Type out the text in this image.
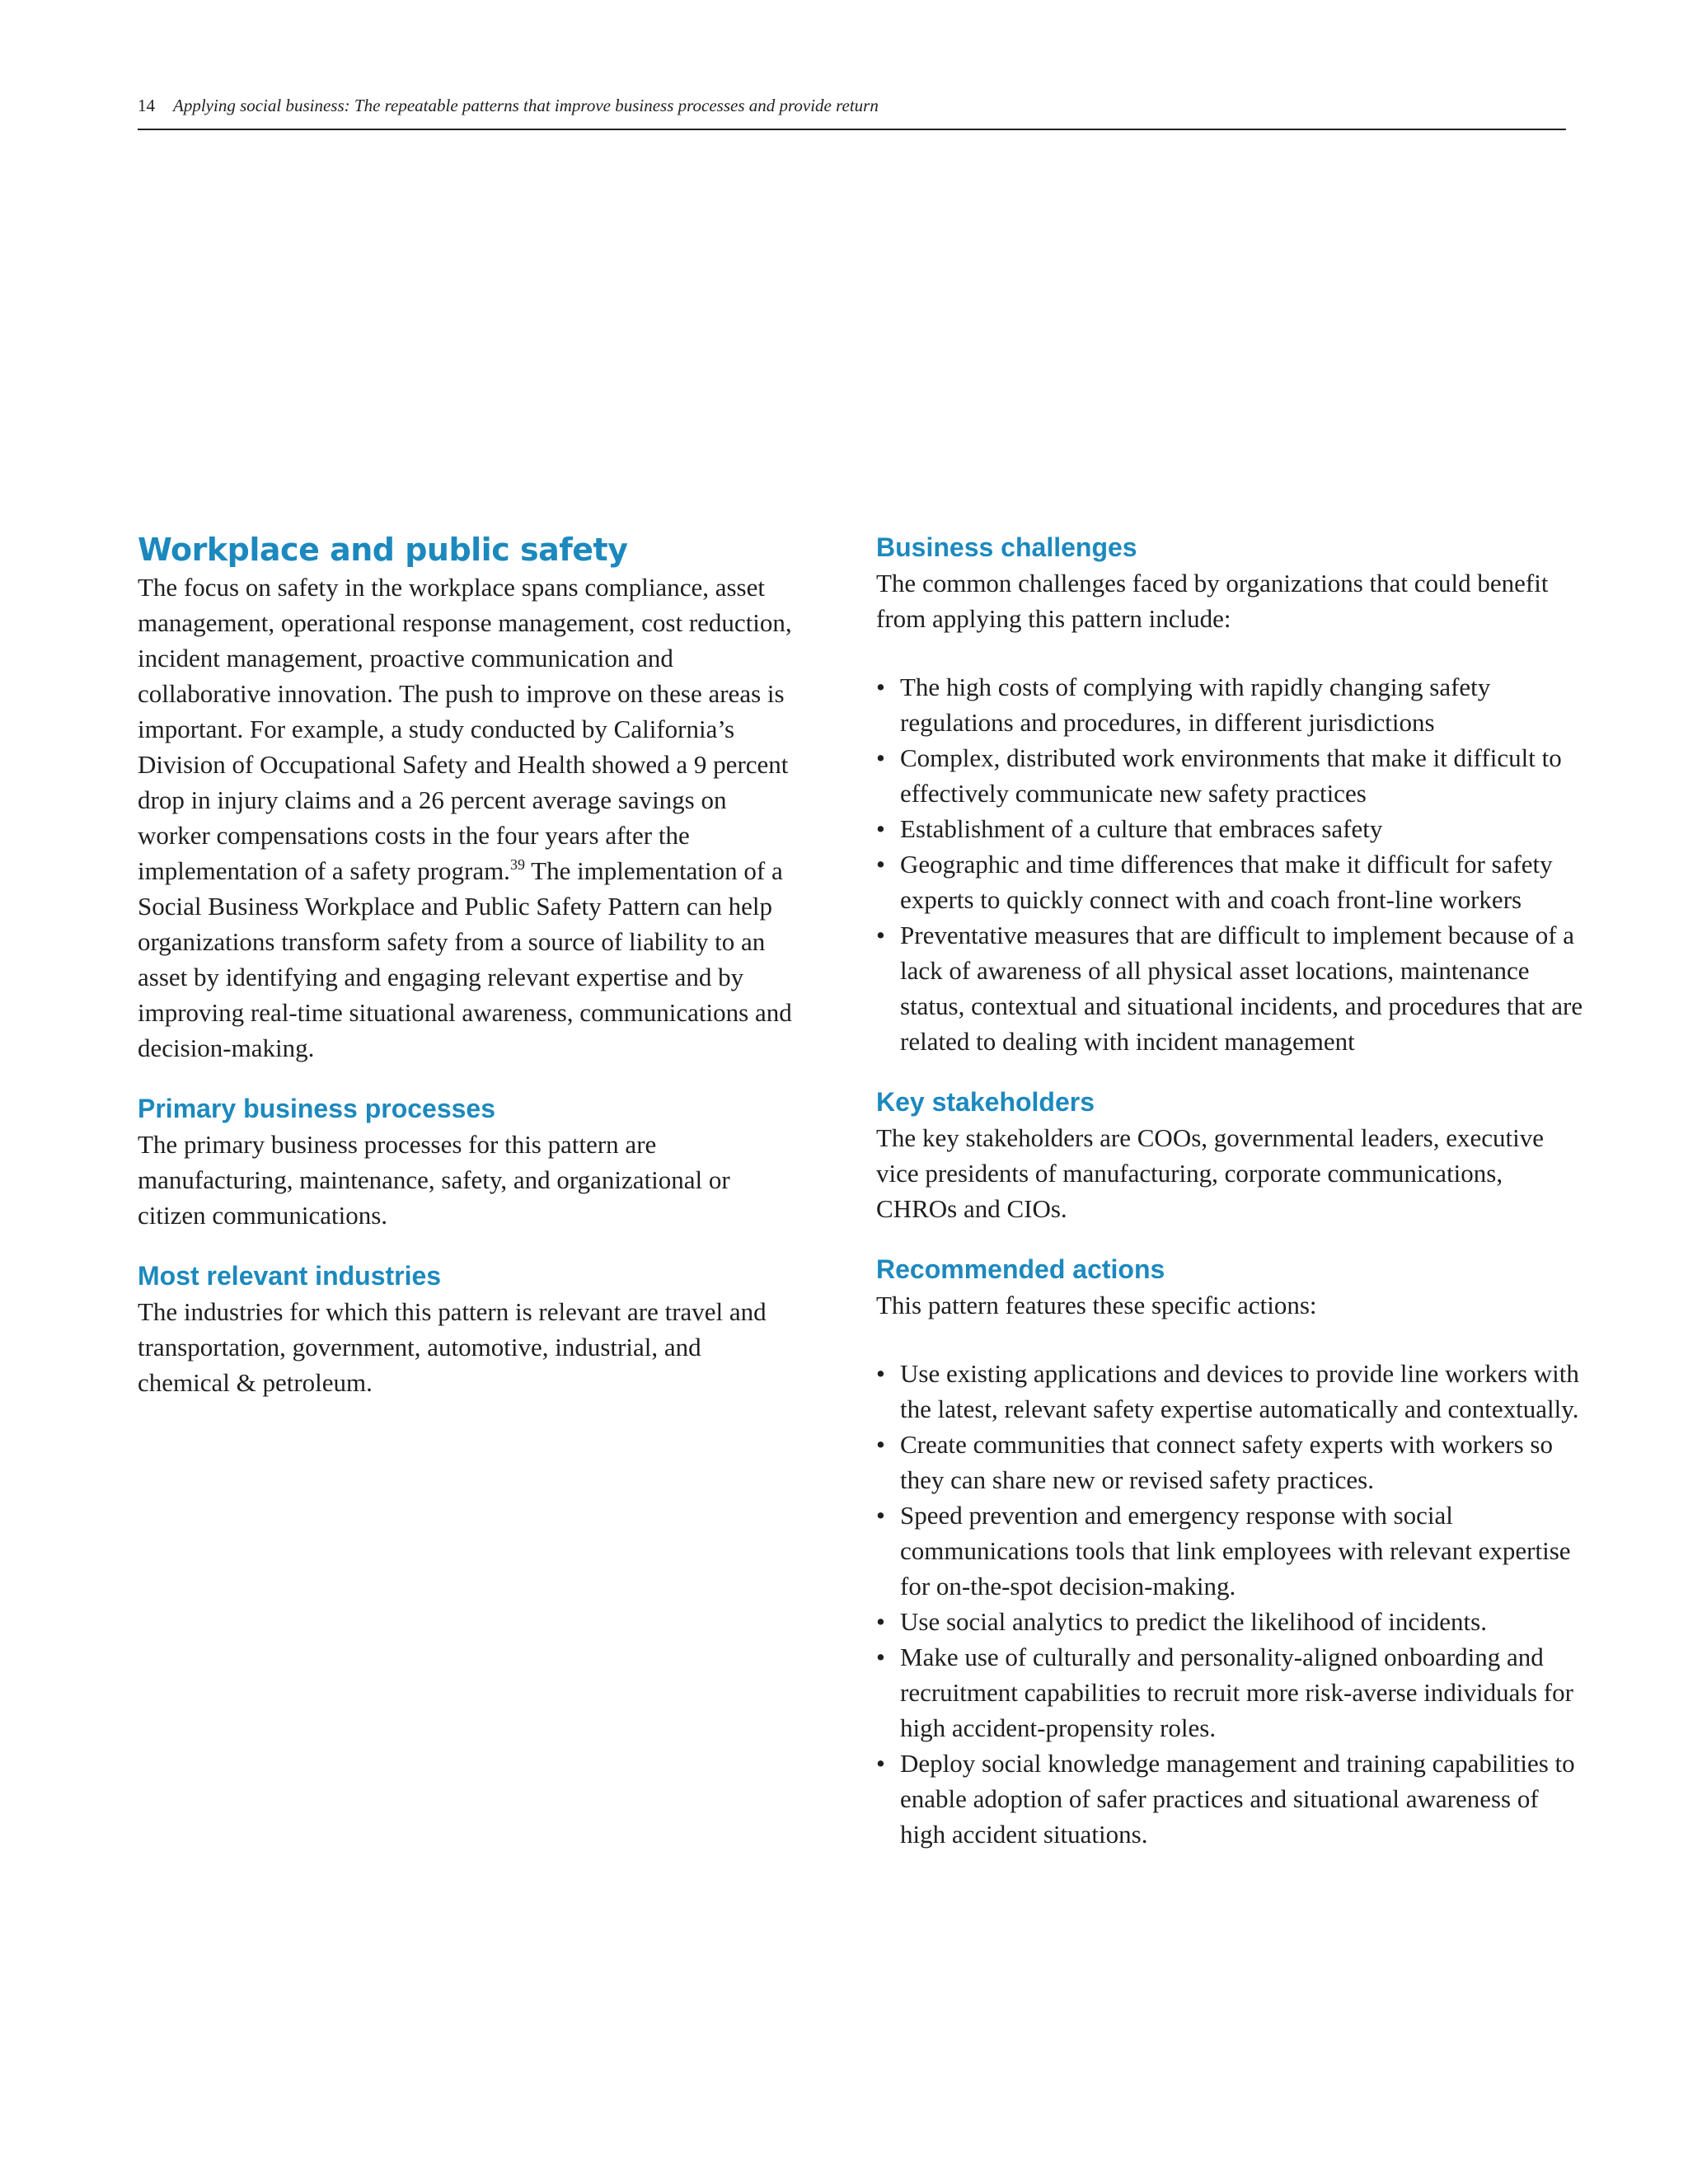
14 Applying social business: The repeatable patterns that improve business processes and provide return
Workplace and public safety

The focus on safety in the workplace spans compliance, asset management, operational response management, cost reduction, incident management, proactive communication and collaborative innovation. The push to improve on these areas is important. For example, a study conducted by California’s Division of Occupational Safety and Health showed a 9 percent drop in injury claims and a 26 percent average savings on worker compensations costs in the four years after the implementation of a safety program.$^{39}$ The implementation of a Social Business Workplace and Public Safety Pattern can help organizations transform safety from a source of liability to an asset by identifying and engaging relevant expertise and by improving real-time situational awareness, communications and decision-making.

Primary business processes

The primary business processes for this pattern are manufacturing, maintenance, safety, and organizational or citizen communications.

Most relevant industries

The industries for which this pattern is relevant are travel and transportation, government, automotive, industrial, and chemical & petroleum.

Business challenges

The common challenges faced by organizations that could benefit from applying this pattern include:

• The high costs of complying with rapidly changing safety regulations and procedures, in different jurisdictions
• Complex, distributed work environments that make it difficult to effectively communicate new safety practices
• Establishment of a culture that embraces safety
• Geographic and time differences that make it difficult for safety experts to quickly connect with and coach front-line workers
• Preventative measures that are difficult to implement because of a lack of awareness of all physical asset locations, maintenance status, contextual and situational incidents, and procedures that are related to dealing with incident management
Key stakeholders

The key stakeholders are COOs, governmental leaders, executive vice presidents of manufacturing, corporate communications, CHROs and CIOs.

Recommended actions

This pattern features these specific actions:

• Use existing applications and devices to provide line workers with the latest, relevant safety expertise automatically and contextually.
• Create communities that connect safety experts with workers so they can share new or revised safety practices.
• Speed prevention and emergency response with social communications tools that link employees with relevant expertise for on-the-spot decision-making.
• Use social analytics to predict the likelihood of incidents.
• Make use of culturally and personality-aligned onboarding and recruitment capabilities to recruit more risk-averse individuals for high accident-propensity roles.
• Deploy social knowledge management and training capabilities to enable adoption of safer practices and situational awareness of high accident situations.
